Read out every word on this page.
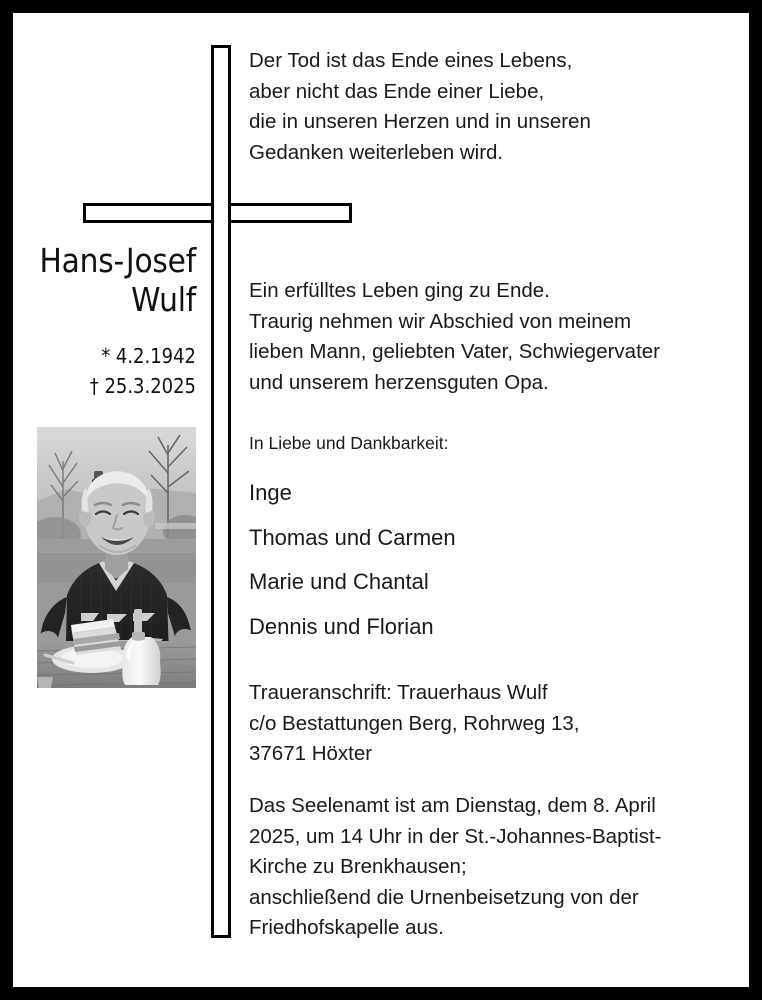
Hans-Josef
Wulf
* 4.2.1942
† 25.3.2025

Der Tod ist das Ende eines Lebens,

aber nicht das Ende einer Liebe,

die in unseren Herzen und in unseren

Gedanken weiterleben wird.

Ein erfülltes Leben ging zu Ende.

Traurig nehmen wir Abschied von meinem

lieben Mann, geliebten Vater, Schwiegervater

und unserem herzensguten Opa.

In Liebe und Dankbarkeit:
Inge
Thomas und Carmen
Marie und Chantal
Dennis und Florian

Traueranschrift: Trauerhaus Wulf

c/o Bestattungen Berg, Rohrweg 13,

37671 Höxter

Das Seelenamt ist am Dienstag, dem 8. April

2025, um 14 Uhr in der St.-Johannes-Baptist-

Kirche zu Brenkhausen;

anschließend die Urnenbeisetzung von der

Friedhofskapelle aus.
